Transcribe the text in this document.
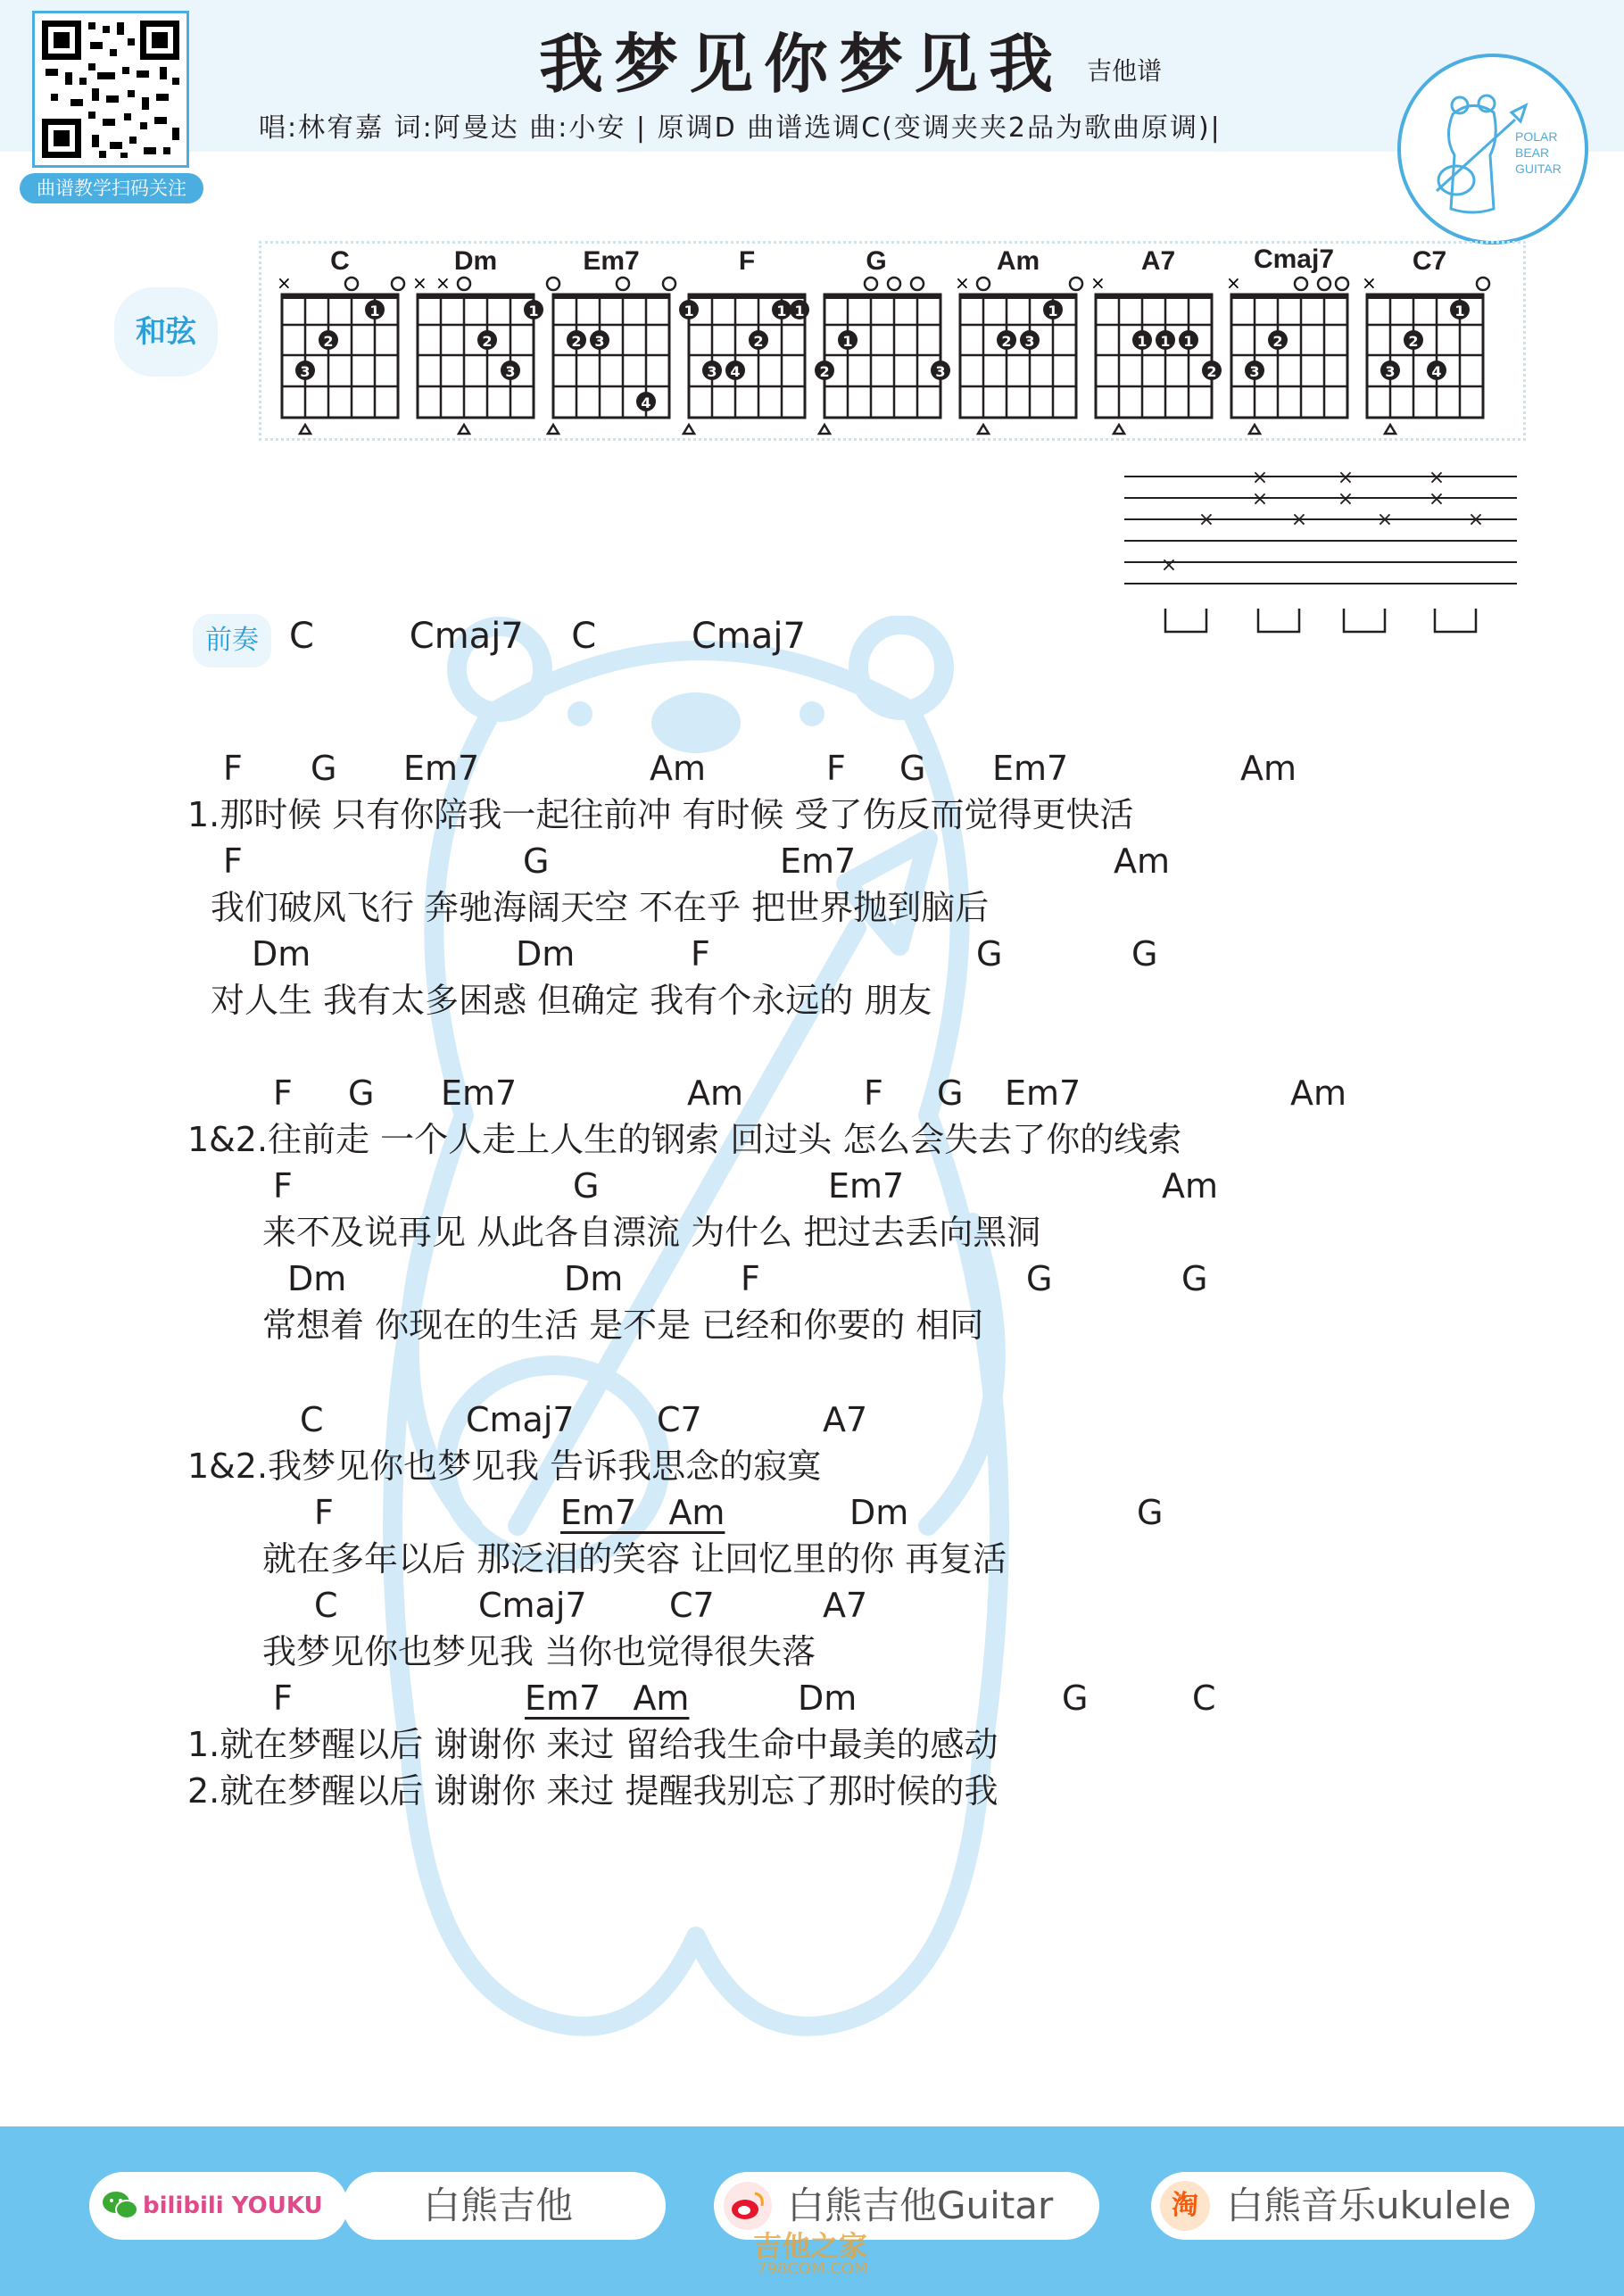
曲谱教学扫码关注
我梦见你梦见我 吉他谱
唱:林宥嘉 词:阿曼达 曲:小安 | 原调D 曲谱选调C(变调夹夹2品为歌曲原调)|	POLAR
BEAR
GUITAR
和弦
C
×
1
2
3
Dm
× ×
1
2
3
Em7
2 3
4
F
1	1 1
2
3 4
G
1
2	3
Am
×
1
2 3
A7
×
1 1 1
2
Cmaj7
×
2
3
C7
×
1
2
3	4
×
×
×
×
×
×
×
×
×
×
×
前奏 C    Cmaj7  C    Cmaj7
F G Em7	Am	F G Em7	Am
1.那时候 只有你陪我一起往前冲 有时候 受了伤反而觉得更快活
F	G	Em7	Am
我们破风飞行 奔驰海阔天空 不在乎 把世界抛到脑后
Dm	Dm	F	G	G
对人生 我有太多困惑 但确定 我有个永远的 朋友
F G Em7	Am	F G Em7	Am
1&2.往前走 一个人走上人生的钢索 回过头 怎么会失去了你的线索
F	G	Em7	Am
来不及说再见 从此各自漂流 为什么 把过去丢向黑洞
Dm	Dm	F	G	G
常想着 你现在的生活 是不是 已经和你要的 相同
C	Cmaj7 C7	A7
1&2.我梦见你也梦见我 告诉我思念的寂寞
F	Em7   Am	Dm	G
就在多年以后 那泛泪的笑容 让回忆里的你 再复活
C	Cmaj7 C7	A7
我梦见你也梦见我 当你也觉得很失落
F	Em7   Am	Dm	G	C
1.就在梦醒以后 谢谢你 来过 留给我生命中最美的感动
2.就在梦醒以后 谢谢你 来过 提醒我别忘了那时候的我
bilibili YOUKU	白熊吉他	白熊吉他Guitar	淘 白熊音乐ukulele
吉他之家
798COM.COM
